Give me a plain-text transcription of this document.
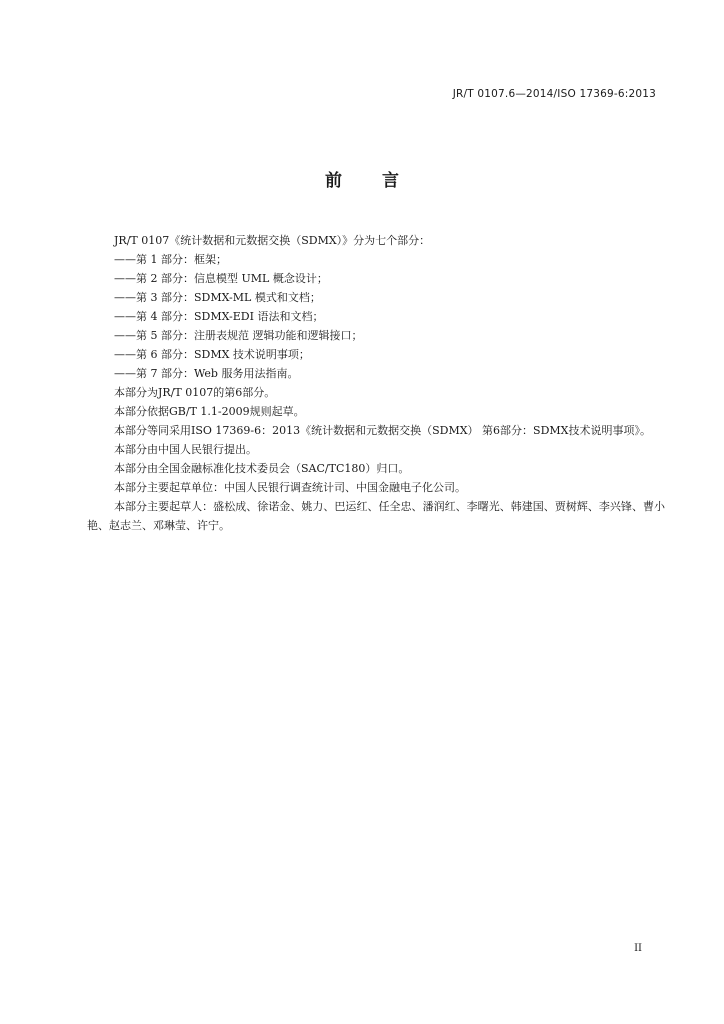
JR/T 0107.6—2014/ISO 17369-6:2013
前 言

JR/T 0107《统计数据和元数据交换（SDMX）》分为七个部分：

——第 1 部分：框架；

——第 2 部分：信息模型 UML 概念设计；

——第 3 部分：SDMX-ML 模式和文档；

——第 4 部分：SDMX-EDI 语法和文档；

——第 5 部分：注册表规范 逻辑功能和逻辑接口；

——第 6 部分：SDMX 技术说明事项；

——第 7 部分：Web 服务用法指南。

本部分为JR/T 0107的第6部分。

本部分依据GB/T 1.1-2009规则起草。

本部分等同采用ISO 17369-6：2013《统计数据和元数据交换（SDMX） 第6部分：SDMX技术说明事项》。

本部分由中国人民银行提出。

本部分由全国金融标准化技术委员会（SAC/TC180）归口。

本部分主要起草单位：中国人民银行调查统计司、中国金融电子化公司。

本部分主要起草人：盛松成、徐诺金、姚力、巴运红、任全忠、潘润红、李曙光、韩建国、贾树辉、李兴锋、曹小艳、赵志兰、邓琳莹、许宁。

II
